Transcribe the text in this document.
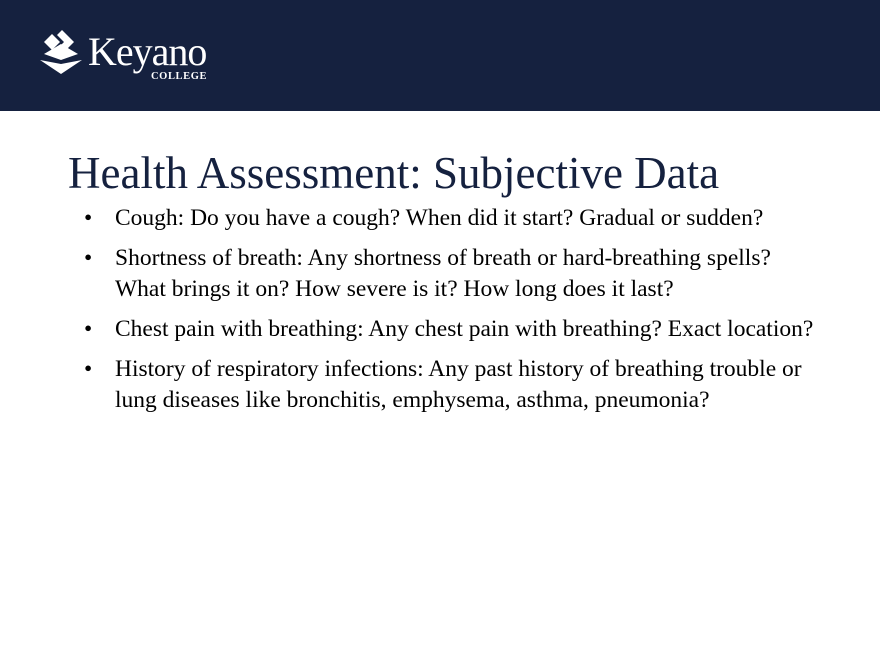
Keyano
COLLEGE
Health Assessment: Subjective Data
• Cough: Do you have a cough? When did it start? Gradual or sudden?
• Shortness of breath: Any shortness of breath or hard-breathing spells? What brings it on? How severe is it? How long does it last?
• Chest pain with breathing: Any chest pain with breathing? Exact location?
• History of respiratory infections: Any past history of breathing trouble or lung diseases like bronchitis, emphysema, asthma, pneumonia?
